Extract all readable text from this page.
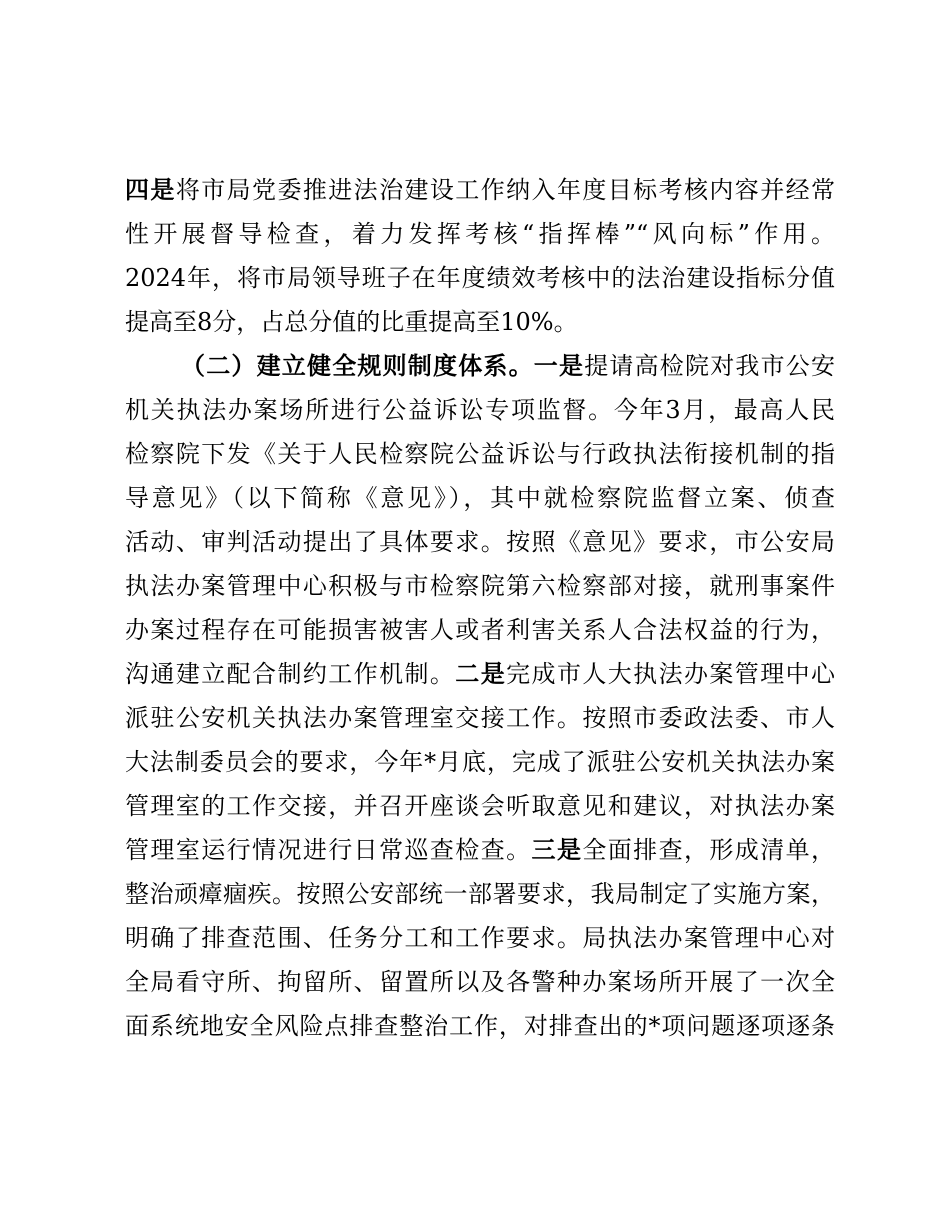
四是将市局党委推进法治建设工作纳入年度目标考核内容并经常
性开展督导检查，着力发挥考核“指挥棒”“风向标”作用。
2024年，将市局领导班子在年度绩效考核中的法治建设指标分值
提高至8分，占总分值的比重提高至10%。
（二）建立健全规则制度体系。一是提请高检院对我市公安
机关执法办案场所进行公益诉讼专项监督。今年3月，最高人民
检察院下发《关于人民检察院公益诉讼与行政执法衔接机制的指
导意见》（以下简称《意见》），其中就检察院监督立案、侦查
活动、审判活动提出了具体要求。按照《意见》要求，市公安局
执法办案管理中心积极与市检察院第六检察部对接，就刑事案件
办案过程存在可能损害被害人或者利害关系人合法权益的行为，
沟通建立配合制约工作机制。二是完成市人大执法办案管理中心
派驻公安机关执法办案管理室交接工作。按照市委政法委、市人
大法制委员会的要求，今年*月底，完成了派驻公安机关执法办案
管理室的工作交接，并召开座谈会听取意见和建议，对执法办案
管理室运行情况进行日常巡查检查。三是全面排查，形成清单，
整治顽瘴痼疾。按照公安部统一部署要求，我局制定了实施方案，
明确了排查范围、任务分工和工作要求。局执法办案管理中心对
全局看守所、拘留所、留置所以及各警种办案场所开展了一次全
面系统地安全风险点排查整治工作，对排查出的*项问题逐项逐条
